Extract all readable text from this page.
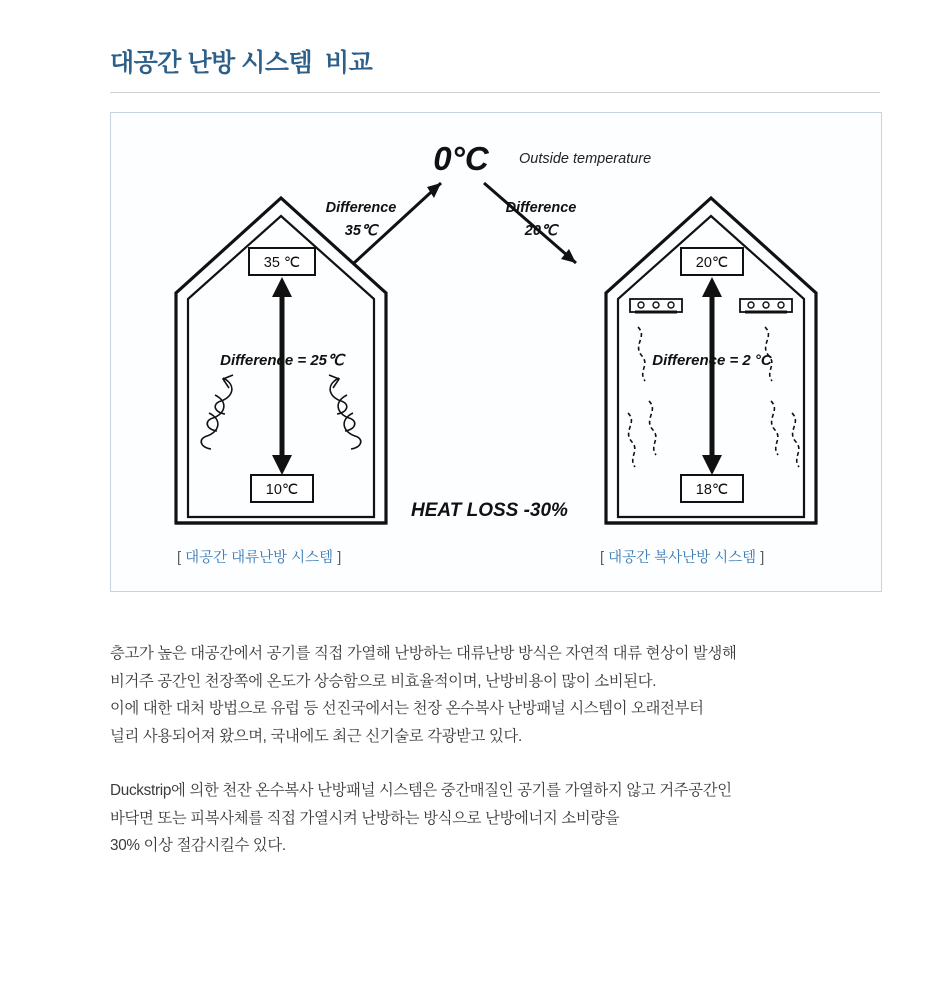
대공간 난방 시스템  비교
0°C Outside temperature
Difference
35℃
Difference
20℃
35 ℃
10℃
Difference = 25℃
20℃
18℃
Difference = 2 °C
HEAT LOSS -30%
[ 대공간 대류난방 시스템 ]	[ 대공간 복사난방 시스템 ]

층고가 높은 대공간에서 공기를 직접 가열해 난방하는 대류난방 방식은 자연적 대류 현상이 발생해

비거주 공간인 천장쪽에 온도가 상승함으로 비효율적이며, 난방비용이 많이 소비된다.

이에 대한 대처 방법으로 유럽 등 선진국에서는 천장 온수복사 난방패널 시스템이 오래전부터

널리 사용되어져 왔으며, 국내에도 최근 신기술로 각광받고 있다.

Duckstrip에 의한 천잔 온수복사 난방패널 시스템은 중간매질인 공기를 가열하지 않고 거주공간인

바닥면 또는 피복사체를 직접 가열시켜 난방하는 방식으로 난방에너지 소비량을

30% 이상 절감시킬수 있다.
